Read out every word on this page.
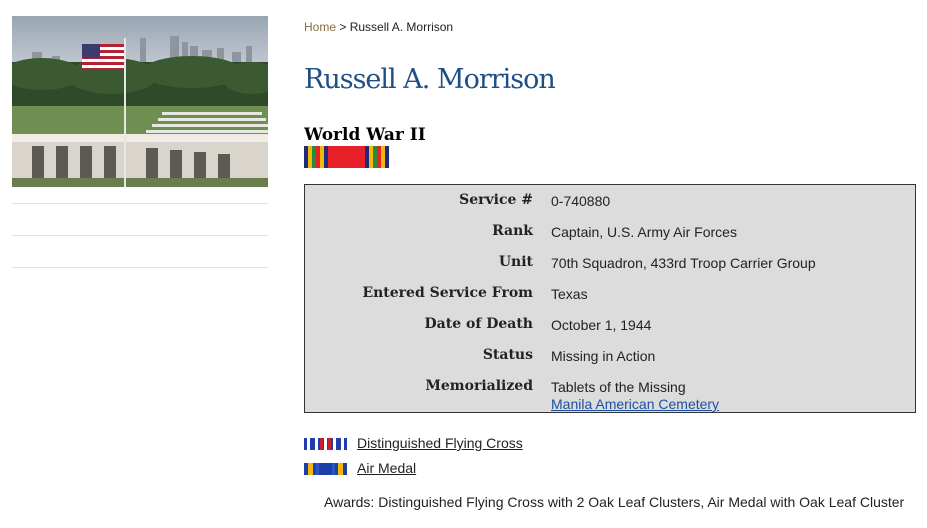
Home > Russell A. Morrison
Russell A. Morrison
World War II
Service # 0-740880
Rank Captain, U.S. Army Air Forces
Unit 70th Squadron, 433rd Troop Carrier Group
Entered Service From Texas
Date of Death October 1, 1944
Status Missing in Action
Memorialized Tablets of the Missing
Manila American Cemetery
Distinguished Flying Cross
Air Medal
Awards: Distinguished Flying Cross with 2 Oak Leaf Clusters, Air Medal with Oak Leaf Cluster
